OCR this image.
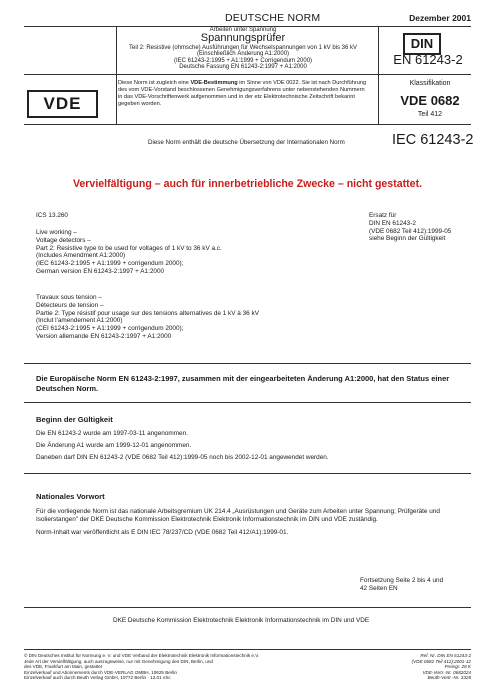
DEUTSCHE NORM	Dezember 2001
Arbeiten unter Spannung
Spannungsprüfer
Teil 2: Resistive (ohmsche) Ausführungen für Wechselspannungen von 1 kV bis 36 kV
(Einschließlich Änderung A1:2000)
(IEC 61243-2:1995 + A1:1999 + Corrigendum 2000)
Deutsche Fassung EN 61243-2:1997 + A1:2000
DIN
EN 61243-2
VDE
Diese Norm ist zugleich eine VDE-Bestimmung im Sinne von VDE 0022. Sie ist nach Durchführung des vom VDE-Vorstand beschlossenen Genehmigungsverfahrens unter nebenstehenden Nummern in das VDE-Vorschriftenwerk aufgenommen und in der etz Elektrotechnische Zeitschrift bekannt gegeben worden.
Klassifikation
VDE 0682
Teil 412
Diese Norm enthält die deutsche Übersetzung der Internationalen Norm	IEC 61243-2
Vervielfältigung – auch für innerbetriebliche Zwecke – nicht gestattet.
ICS 13.260	Ersatz für
DIN EN 61243-2
(VDE 0682 Teil 412):1999-05
siehe Beginn der Gültigkeit
Live working –
Voltage detectors –
Part 2: Resistive type to be used for voltages of 1 kV to 36 kV a.c.
(Includes Amendment A1:2000)
(IEC 61243-2:1995 + A1:1999 + corrigendum 2000);
German version EN 61243-2:1997 + A1:2000
Travaux sous tension –
Détecteurs de tension –
Partie 2: Type résistif pour usage sur des tensions alternatives de 1 kV à 36 kV
(Inclut l'amendement A1:2000)
(CEI 61243-2:1995 + A1:1999 + corrigendum 2000);
Version allemande EN 61243-2:1997 + A1:2000
Die Europäische Norm EN 61243-2:1997, zusammen mit der eingearbeiteten Änderung A1:2000, hat den Status einer Deutschen Norm.
Beginn der Gültigkeit
Die EN 61243-2 wurde am 1997-03-11 angenommen.
Die Änderung A1 wurde am 1999-12-01 angenommen.
Daneben darf DIN EN 61243-2 (VDE 0682 Teil 412):1999-05 noch bis 2002-12-01 angewendet werden.
Nationales Vorwort
Für die vorliegende Norm ist das nationale Arbeitsgremium UK 214.4 „Ausrüstungen und Geräte zum Arbeiten unter Spannung; Prüfgeräte und Isolierstangen" der DKE Deutsche Kommission Elektrotechnik Elektronik Informationstechnik im DIN und VDE zuständig.
Norm-Inhalt war veröffentlicht als E DIN IEC 78/237/CD (VDE 0682 Teil 412/A1):1999-01.
Fortsetzung Seite 2 bis 4 und
42 Seiten EN
DKE Deutsche Kommission Elektrotechnik Elektronik Informationstechnik im DIN und VDE
© DIN Deutsches Institut für Normung e. V. und VDE Verband der Elektrotechnik Elektronik Informationstechnik e.V.
Jede Art der Vervielfältigung, auch auszugsweise, nur mit Genehmigung des DIN, Berlin, und
des VDE, Frankfurt am Main, gestattet
Einzelverkauf und Abonnements durch VDE-VERLAG GMBH, 10625 Berlin
Einzelverkauf auch durch Beuth Verlag GmbH, 10772 Berlin · 12.01 vSc
Ref. Nr. DIN EN 61243-2
(VDE 0682 Teil 412):2001-12
Preisgr. 28 K
VDE-Vertr.-Nr. 0682024
Beuth-Vertr.-Nr. 3328
